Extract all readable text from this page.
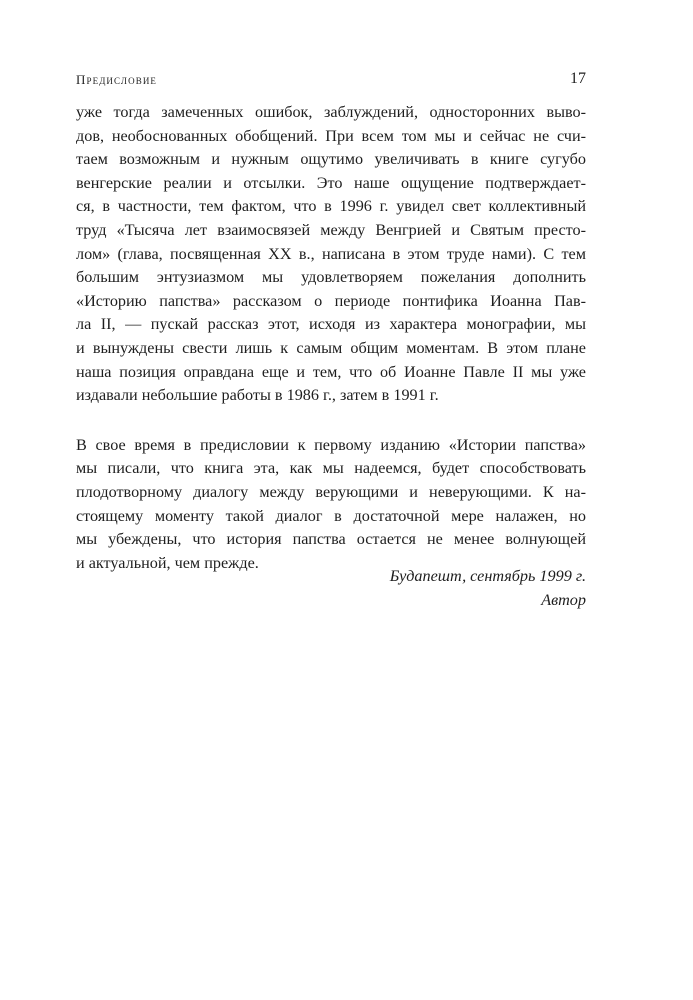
Предисловие	17

уже тогда замеченных ошибок, заблуждений, односторонних выво-
дов, необоснованных обобщений. При всем том мы и сейчас не счи-
таем возможным и нужным ощутимо увеличивать в книге сугубо
венгерские реалии и отсылки. Это наше ощущение подтверждает-
ся, в частности, тем фактом, что в 1996 г. увидел свет коллективный
труд «Тысяча лет взаимосвязей между Венгрией и Святым престо-
лом» (глава, посвященная XX в., написана в этом труде нами). С тем
большим энтузиазмом мы удовлетворяем пожелания дополнить
«Историю папства» рассказом о периоде понтифика Иоанна Пав-
ла II, — пускай рассказ этот, исходя из характера монографии, мы
и вынуждены свести лишь к самым общим моментам. В этом плане
наша позиция оправдана еще и тем, что об Иоанне Павле II мы уже
издавали небольшие работы в 1986 г., затем в 1991 г.

В свое время в предисловии к первому изданию «Истории папства»
мы писали, что книга эта, как мы надеемся, будет способствовать
плодотворному диалогу между верующими и неверующими. К на-
стоящему моменту такой диалог в достаточной мере налажен, но
мы убеждены, что история папства остается не менее волнующей
и актуальной, чем прежде.

Будапешт, сентябрь 1999 г.
Автор
